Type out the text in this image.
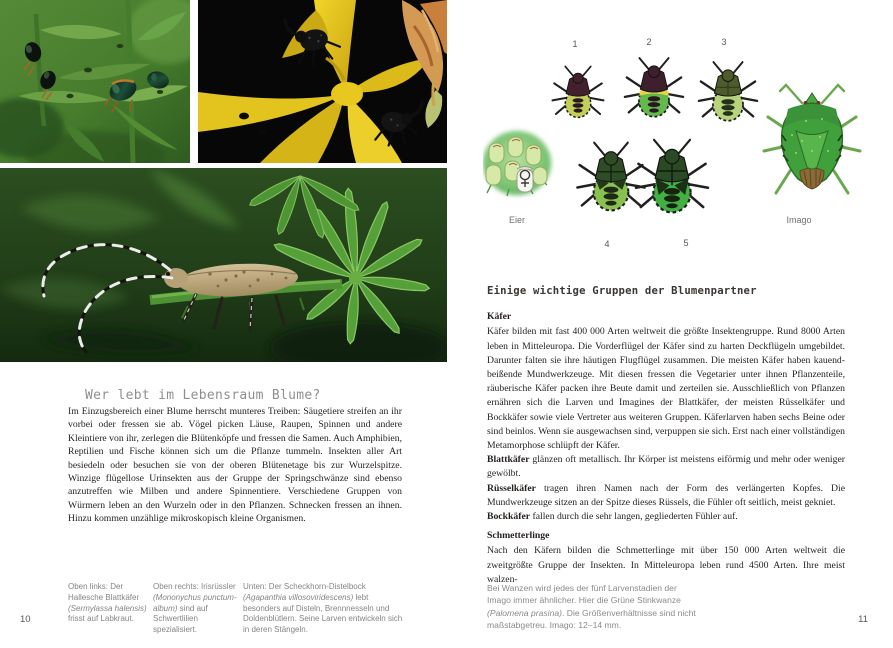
Wer lebt im Lebensraum Blume?

Im Einzugsbereich einer Blume herrscht munteres Treiben: Säugetiere streifen an ihr vorbei oder fressen sie ab. Vögel picken Läuse, Raupen, Spinnen und andere Kleintiere von ihr, zerlegen die Blütenköpfe und fressen die Samen. Auch Amphibien, Reptilien und Fische können sich um die Pflanze tummeln. Insekten aller Art besiedeln oder besuchen sie von der oberen Blütenetage bis zur Wurzelspitze. Winzige flügellose Urinsekten aus der Gruppe der Springschwänze sind ebenso anzutreffen wie Milben und andere Spinnentiere. Verschiedene Gruppen von Würmern leben an den Wurzeln oder in den Pflanzen. Schnecken fressen an ihnen. Hinzu kommen unzählige mikroskopisch kleine Organismen.

Oben links: Der Hallesche Blattkäfer (Sermylassa halensis) frisst auf Labkraut.
Oben rechts: Irisrüssler (Mononychus punctum-album) sind auf Schwertlilien spezialisiert.
Unten: Der Scheckhorn-Distelbock (Agapanthia villosoviridescens) lebt besonders auf Disteln, Brennnesseln und Doldenblütlern. Seine Larven entwickeln sich in deren Stängeln.
10
1	2	3
4	5
Eier	Imago
Einige wichtige Gruppen der Blumenpartner

Käfer

Käfer bilden mit fast 400 000 Arten weltweit die größte Insektengruppe. Rund 8000 Arten leben in Mitteleuropa. Die Vorderflügel der Käfer sind zu harten Deckflügeln umgebildet. Darunter falten sie ihre häutigen Flugflügel zusammen. Die meisten Käfer haben kauend-beißende Mundwerkzeuge. Mit diesen fressen die Vegetarier unter ihnen Pflanzenteile, räuberische Käfer packen ihre Beute damit und zerteilen sie. Ausschließlich von Pflanzen ernähren sich die Larven und Imagines der Blattkäfer, der meisten Rüsselkäfer und Bockkäfer sowie viele Vertreter aus weiteren Gruppen. Käferlarven haben sechs Beine oder sind beinlos. Wenn sie ausgewachsen sind, verpuppen sie sich. Erst nach einer vollständigen Metamorphose schlüpft der Käfer.

Blattkäfer glänzen oft metallisch. Ihr Körper ist meistens eiförmig und mehr oder weniger gewölbt.

Rüsselkäfer tragen ihren Namen nach der Form des verlängerten Kopfes. Die Mundwerkzeuge sitzen an der Spitze dieses Rüssels, die Fühler oft seitlich, meist gekniet.

Bockkäfer fallen durch die sehr langen, gegliederten Fühler auf.

Schmetterlinge

Nach den Käfern bilden die Schmetterlinge mit über 150 000 Arten weltweit die zweitgrößte Gruppe der Insekten. In Mitteleuropa leben rund 4500 Arten. Ihre meist walzen-

Bei Wanzen wird jedes der fünf Larvenstadien der Imago immer ähnlicher. Hier die Grüne Stinkwanze (Palomena prasina). Die Größenverhältnisse sind nicht maßstabgetreu. Imago: 12–14 mm.
11
